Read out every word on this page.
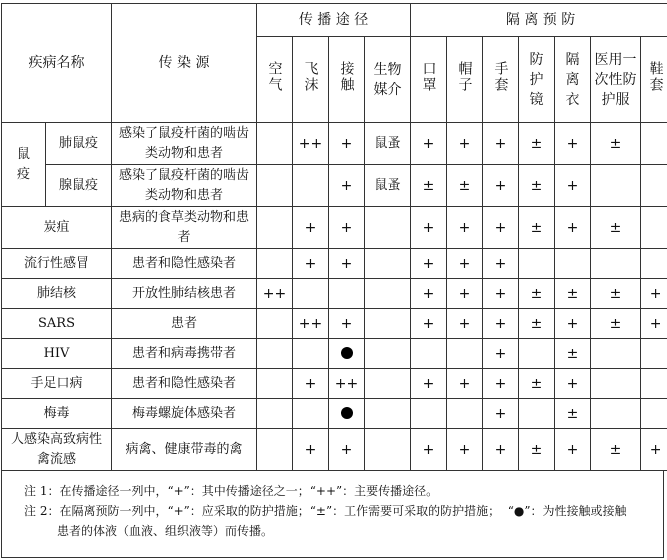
疾病名称		传 染 源	传 播 途 径				隔 离 预 防						
			空气	飞沫	接触	生物媒介	口罩	帽子	手套	防护镜	隔离衣	医用一次性防护服	鞋套
鼠疫	肺鼠疫	感染了鼠疫杆菌的啮齿类动物和患者		++	+	鼠蚤	+	+	+	±	+	±	
	腺鼠疫	感染了鼠疫杆菌的啮齿类动物和患者			+	鼠蚤	±	±	+	±	+		
炭疽		患病的食草类动物和患者		+	+		+	+	+	±	+	±	
流行性感冒		患者和隐性感染者		+	+		+	+	+				
肺结核		开放性肺结核患者	++				+	+	+	±	±	±	+
SARS		患者		++	+		+	+	+	±	+	±	+
HIV		患者和病毒携带者							+		±		
手足口病		患者和隐性感染者		+	++		+	+	+	±	+		
梅毒		梅毒螺旋体感染者							+		±		
人感染高致病性禽流感		病禽、健康带毒的禽		+	+		+	+	+	±	+	±	+

注 1：在传播途径一列中，“+”：其中传播途径之一；“++”：主要传播途径。

注 2：在隔离预防一列中，“+”：应采取的防护措施；“±”：工作需要可采取的防护措施；  “●”：为性接触或接触

患者的体液（血液、组织液等）而传播。
